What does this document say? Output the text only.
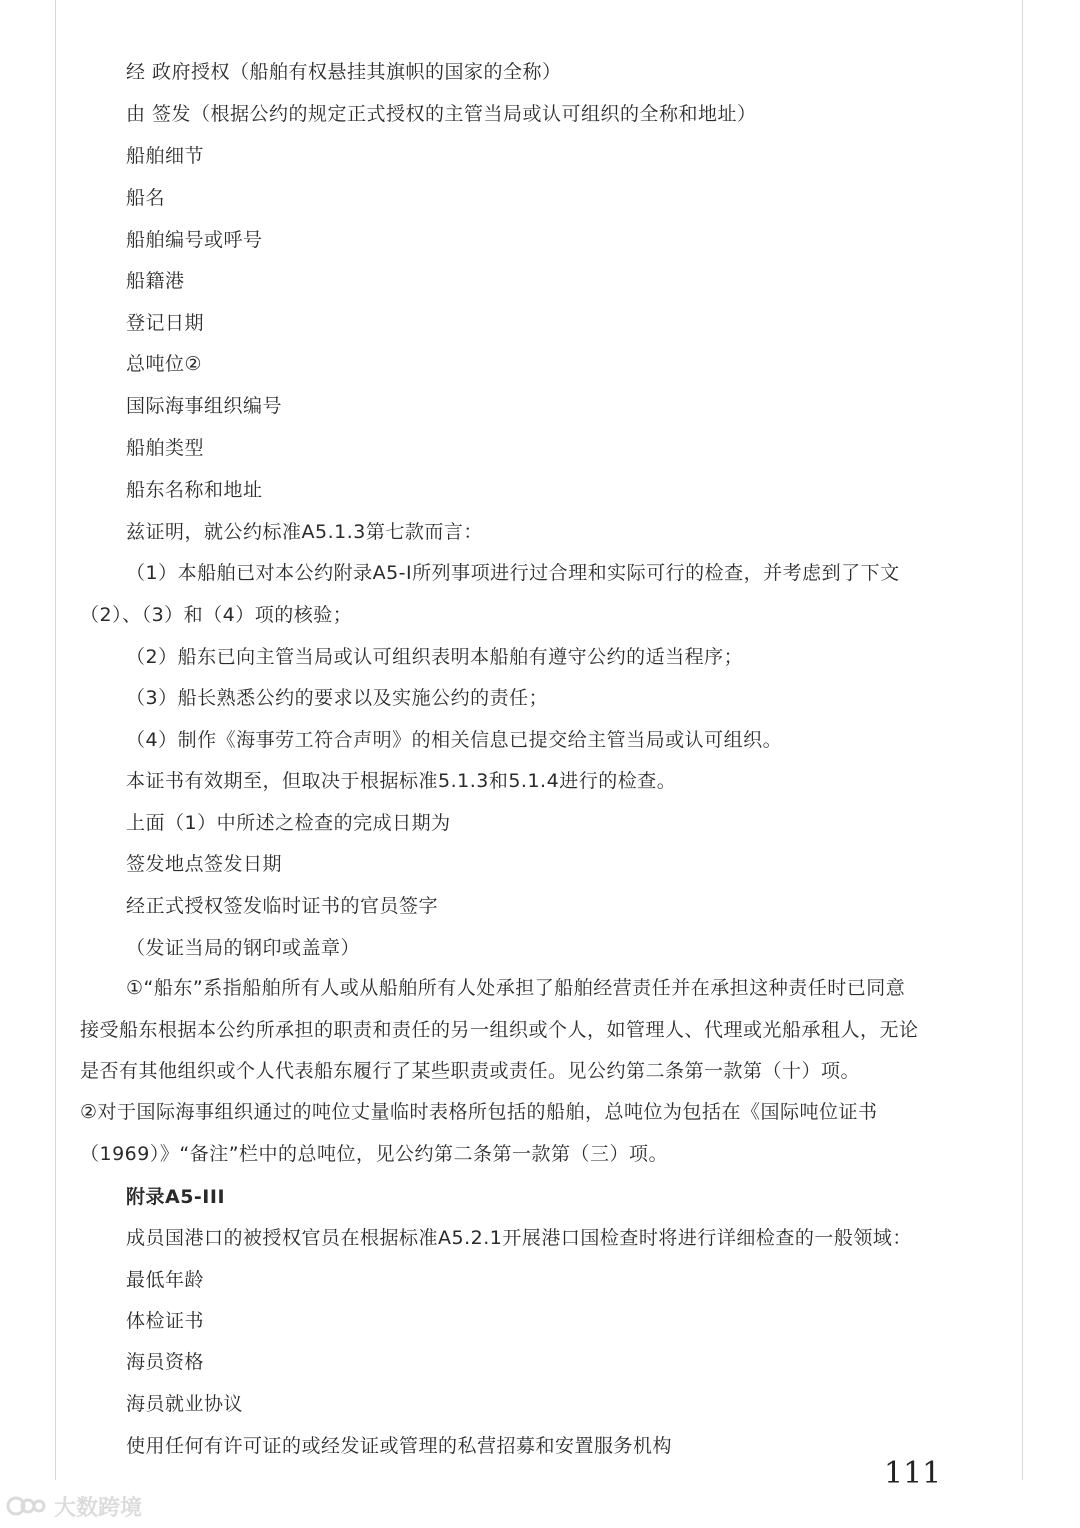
经 政府授权（船舶有权悬挂其旗帜的国家的全称）
由 签发（根据公约的规定正式授权的主管当局或认可组织的全称和地址）
船舶细节
船名
船舶编号或呼号
船籍港
登记日期
总吨位②
国际海事组织编号
船舶类型
船东名称和地址
兹证明，就公约标准A5.1.3第七款而言：
（1）本船舶已对本公约附录A5-Ⅰ所列事项进行过合理和实际可行的检查，并考虑到了下文
（2）、（3）和（4）项的核验；
（2）船东已向主管当局或认可组织表明本船舶有遵守公约的适当程序；
（3）船长熟悉公约的要求以及实施公约的责任；
（4）制作《海事劳工符合声明》的相关信息已提交给主管当局或认可组织。
本证书有效期至，但取决于根据标准5.1.3和5.1.4进行的检查。
上面（1）中所述之检查的完成日期为
签发地点签发日期
经正式授权签发临时证书的官员签字
（发证当局的钢印或盖章）
①“船东”系指船舶所有人或从船舶所有人处承担了船舶经营责任并在承担这种责任时已同意
接受船东根据本公约所承担的职责和责任的另一组织或个人，如管理人、代理或光船承租人，无论
是否有其他组织或个人代表船东履行了某些职责或责任。见公约第二条第一款第（十）项。
②对于国际海事组织通过的吨位丈量临时表格所包括的船舶，总吨位为包括在《国际吨位证书
（1969）》“备注”栏中的总吨位，见公约第二条第一款第（三）项。
附录A5-III
成员国港口的被授权官员在根据标准A5.2.1开展港口国检查时将进行详细检查的一般领域：
最低年龄
体检证书
海员资格
海员就业协议
使用任何有许可证的或经发证或管理的私营招募和安置服务机构
111
大数跨境
